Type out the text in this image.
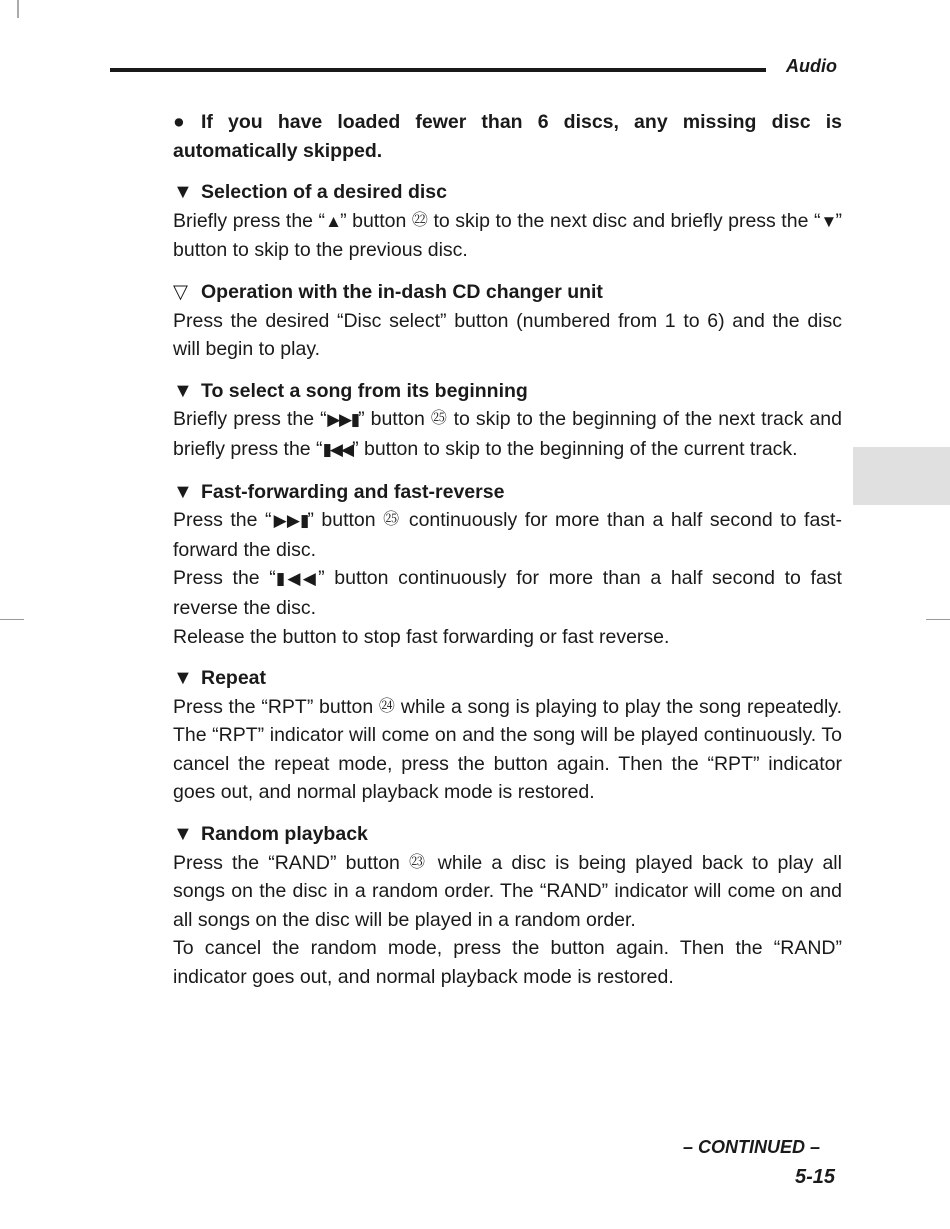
Audio

● If you have loaded fewer than 6 discs, any missing disc is automatically skipped.

▼ Selection of a desired disc

Briefly press the “▲” button ㉒ to skip to the next disc and briefly press the “▼” button to skip to the previous disc.

▽ Operation with the in-dash CD changer unit

Press the desired “Disc select” button (numbered from 1 to 6) and the disc will begin to play.

▼ To select a song from its beginning

Briefly press the “▶▶▮” button ㉕ to skip to the beginning of the next track and briefly press the “▮◀◀” button to skip to the beginning of the current track.

▼ Fast-forwarding and fast-reverse

Press the “▶▶▮” button ㉕ continuously for more than a half second to fast-forward the disc.

Press the “▮◀◀” button continuously for more than a half second to fast reverse the disc.

Release the button to stop fast forwarding or fast reverse.

▼ Repeat

Press the “RPT” button ㉔ while a song is playing to play the song repeatedly. The “RPT” indicator will come on and the song will be played continuously. To cancel the repeat mode, press the button again. Then the “RPT” indicator goes out, and normal playback mode is restored.

▼ Random playback

Press the “RAND” button ㉓ while a disc is being played back to play all songs on the disc in a random order. The “RAND” indicator will come on and all songs on the disc will be played in a random order.

To cancel the random mode, press the button again. Then the “RAND” indicator goes out, and normal playback mode is restored.

– CONTINUED –
5-15
